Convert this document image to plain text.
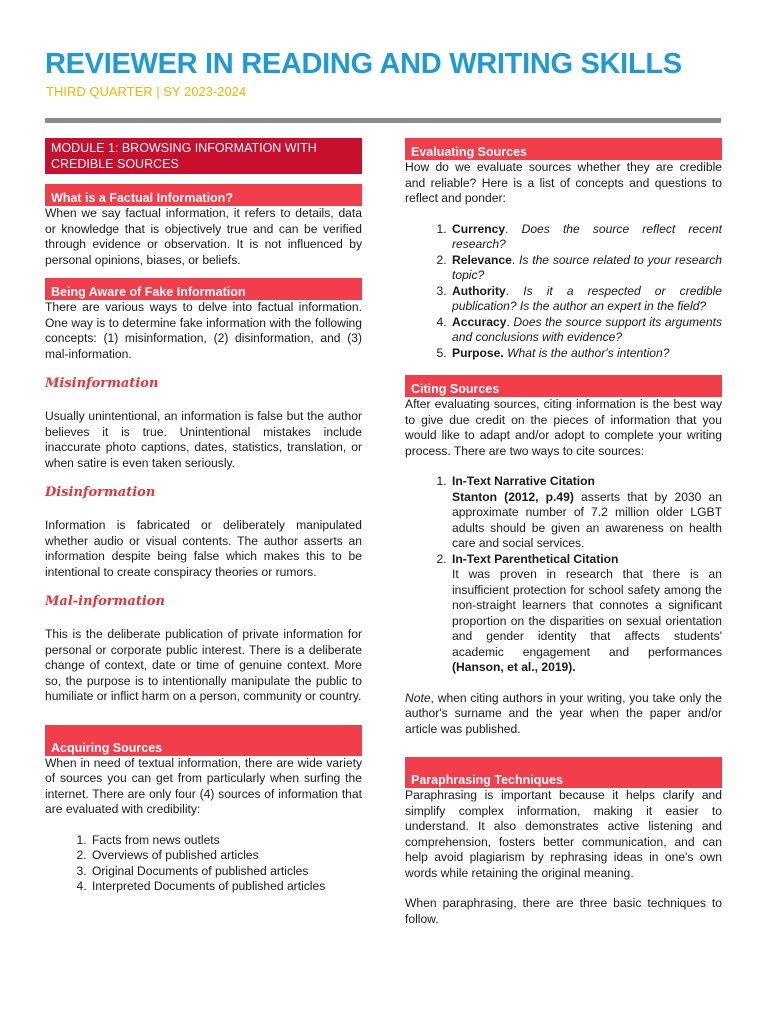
REVIEWER IN READING AND WRITING SKILLS
THIRD QUARTER | SY 2023-2024
MODULE 1: BROWSING INFORMATION WITH CREDIBLE SOURCES
What is a Factual Information?

When we say factual information, it refers to details, data or knowledge that is objectively true and can be verified through evidence or observation. It is not influenced by personal opinions, biases, or beliefs.

Being Aware of Fake Information

There are various ways to delve into factual information. One way is to determine fake information with the following concepts: (1) misinformation, (2) disinformation, and (3) mal-information.

Misinformation

Usually unintentional, an information is false but the author believes it is true. Unintentional mistakes include inaccurate photo captions, dates, statistics, translation, or when satire is even taken seriously.

Disinformation

Information is fabricated or deliberately manipulated whether audio or visual contents. The author asserts an information despite being false which makes this to be intentional to create conspiracy theories or rumors.

Mal-information

This is the deliberate publication of private information for personal or corporate public interest. There is a deliberate change of context, date or time of genuine context. More so, the purpose is to intentionally manipulate the public to humiliate or inflict harm on a person, community or country.

Acquiring Sources

When in need of textual information, there are wide variety of sources you can get from particularly when surfing the internet. There are only four (4) sources of information that are evaluated with credibility:

1. Facts from news outlets
2. Overviews of published articles
3. Original Documents of published articles
4. Interpreted Documents of published articles
Evaluating Sources

How do we evaluate sources whether they are credible and reliable? Here is a list of concepts and questions to reflect and ponder:

1. Currency. Does the source reflect recent research?

2. Relevance. Is the source related to your research topic?

3. Authority. Is it a respected or credible publication? Is the author an expert in the field?

4. Accuracy. Does the source support its arguments and conclusions with evidence?

5. Purpose. What is the author's intention?

Citing Sources

After evaluating sources, citing information is the best way to give due credit on the pieces of information that you would like to adapt and/or adopt to complete your writing process. There are two ways to cite sources:

1. In-Text Narrative Citation

Stanton (2012, p.49) asserts that by 2030 an approximate number of 7.2 million older LGBT adults should be given an awareness on health care and social services.

2. In-Text Parenthetical Citation

It was proven in research that there is an insufficient protection for school safety among the non-straight learners that connotes a significant proportion on the disparities on sexual orientation and gender identity that affects students' academic engagement and performances (Hanson, et al., 2019).

Note, when citing authors in your writing, you take only the author's surname and the year when the paper and/or article was published.

Paraphrasing Techniques

Paraphrasing is important because it helps clarify and simplify complex information, making it easier to understand. It also demonstrates active listening and comprehension, fosters better communication, and can help avoid plagiarism by rephrasing ideas in one's own words while retaining the original meaning.

When paraphrasing, there are three basic techniques to follow.
